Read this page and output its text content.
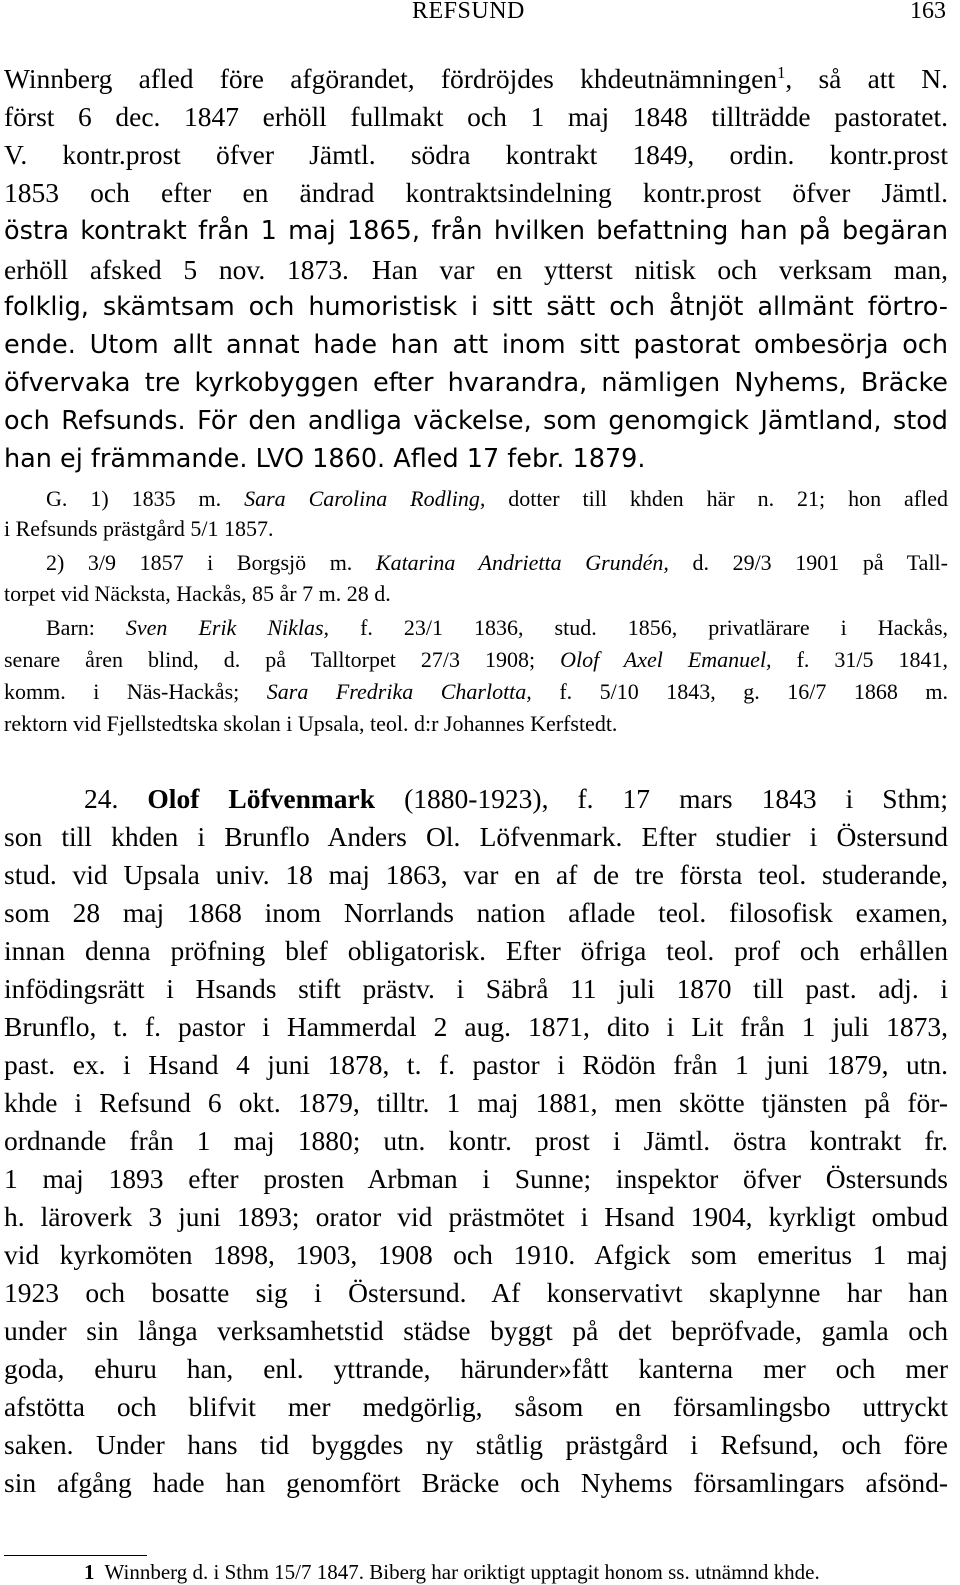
REFSUND	163
Winnberg afled före afgörandet, fördröjdes khdeutnämningen$^1$, så att N.
först 6 dec. 1847 erhöll fullmakt och 1 maj 1848 tillträdde pastoratet.
V. kontr.prost öfver Jämtl. södra kontrakt 1849, ordin. kontr.prost
1853 och efter en ändrad kontraktsindelning kontr.prost öfver Jämtl.
östra kontrakt från 1 maj 1865, från hvilken befattning han på begäran
erhöll afsked 5 nov. 1873. Han var en ytterst nitisk och verksam man,
folklig, skämtsam och humoristisk i sitt sätt och åtnjöt allmänt förtro-
ende. Utom allt annat hade han att inom sitt pastorat ombesörja och
öfvervaka tre kyrkobyggen efter hvarandra, nämligen Nyhems, Bräcke
och Refsunds. För den andliga väckelse, som genomgick Jämtland, stod
han ej främmande. LVO 1860. Afled 17 febr. 1879.
G. 1) 1835 m. Sara Carolina Rodling, dotter till khden här n. 21; hon afled
i Refsunds prästgård 5/1 1857.
2) 3/9 1857 i Borgsjö m. Katarina Andrietta Grundén, d. 29/3 1901 på Tall-
torpet vid Näcksta, Hackås, 85 år 7 m. 28 d.
Barn: Sven Erik Niklas, f. 23/1 1836, stud. 1856, privatlärare i Hackås,
senare åren blind, d. på Talltorpet 27/3 1908; Olof Axel Emanuel, f. 31/5 1841,
komm. i Näs-Hackås; Sara Fredrika Charlotta, f. 5/10 1843, g. 16/7 1868 m.
rektorn vid Fjellstedtska skolan i Upsala, teol. d:r Johannes Kerfstedt.
24. Olof Löfvenmark (1880-1923), f. 17 mars 1843 i Sthm;
son till khden i Brunflo Anders Ol. Löfvenmark. Efter studier i Östersund
stud. vid Upsala univ. 18 maj 1863, var en af de tre första teol. studerande,
som 28 maj 1868 inom Norrlands nation aflade teol. filosofisk examen,
innan denna pröfning blef obligatorisk. Efter öfriga teol. prof och erhållen
infödingsrätt i Hsands stift prästv. i Säbrå 11 juli 1870 till past. adj. i
Brunflo, t. f. pastor i Hammerdal 2 aug. 1871, dito i Lit från 1 juli 1873,
past. ex. i Hsand 4 juni 1878, t. f. pastor i Rödön från 1 juni 1879, utn.
khde i Refsund 6 okt. 1879, tilltr. 1 maj 1881, men skötte tjänsten på för-
ordnande från 1 maj 1880; utn. kontr. prost i Jämtl. östra kontrakt fr.
1 maj 1893 efter prosten Arbman i Sunne; inspektor öfver Östersunds
h. läroverk 3 juni 1893; orator vid prästmötet i Hsand 1904, kyrkligt ombud
vid kyrkomöten 1898, 1903, 1908 och 1910. Afgick som emeritus 1 maj
1923 och bosatte sig i Östersund. Af konservativt skaplynne har han
under sin långa verksamhetstid städse byggt på det bepröfvade, gamla och
goda, ehuru han, enl. yttrande, härunder»fått kanterna mer och mer
afstötta och blifvit mer medgörlig, såsom en församlingsbo uttryckt
saken. Under hans tid byggdes ny ståtlig prästgård i Refsund, och före
sin afgång hade han genomfört Bräcke och Nyhems församlingars afsönd-
1 Winnberg d. i Sthm 15/7 1847. Biberg har oriktigt upptagit honom ss. utnämnd khde.
